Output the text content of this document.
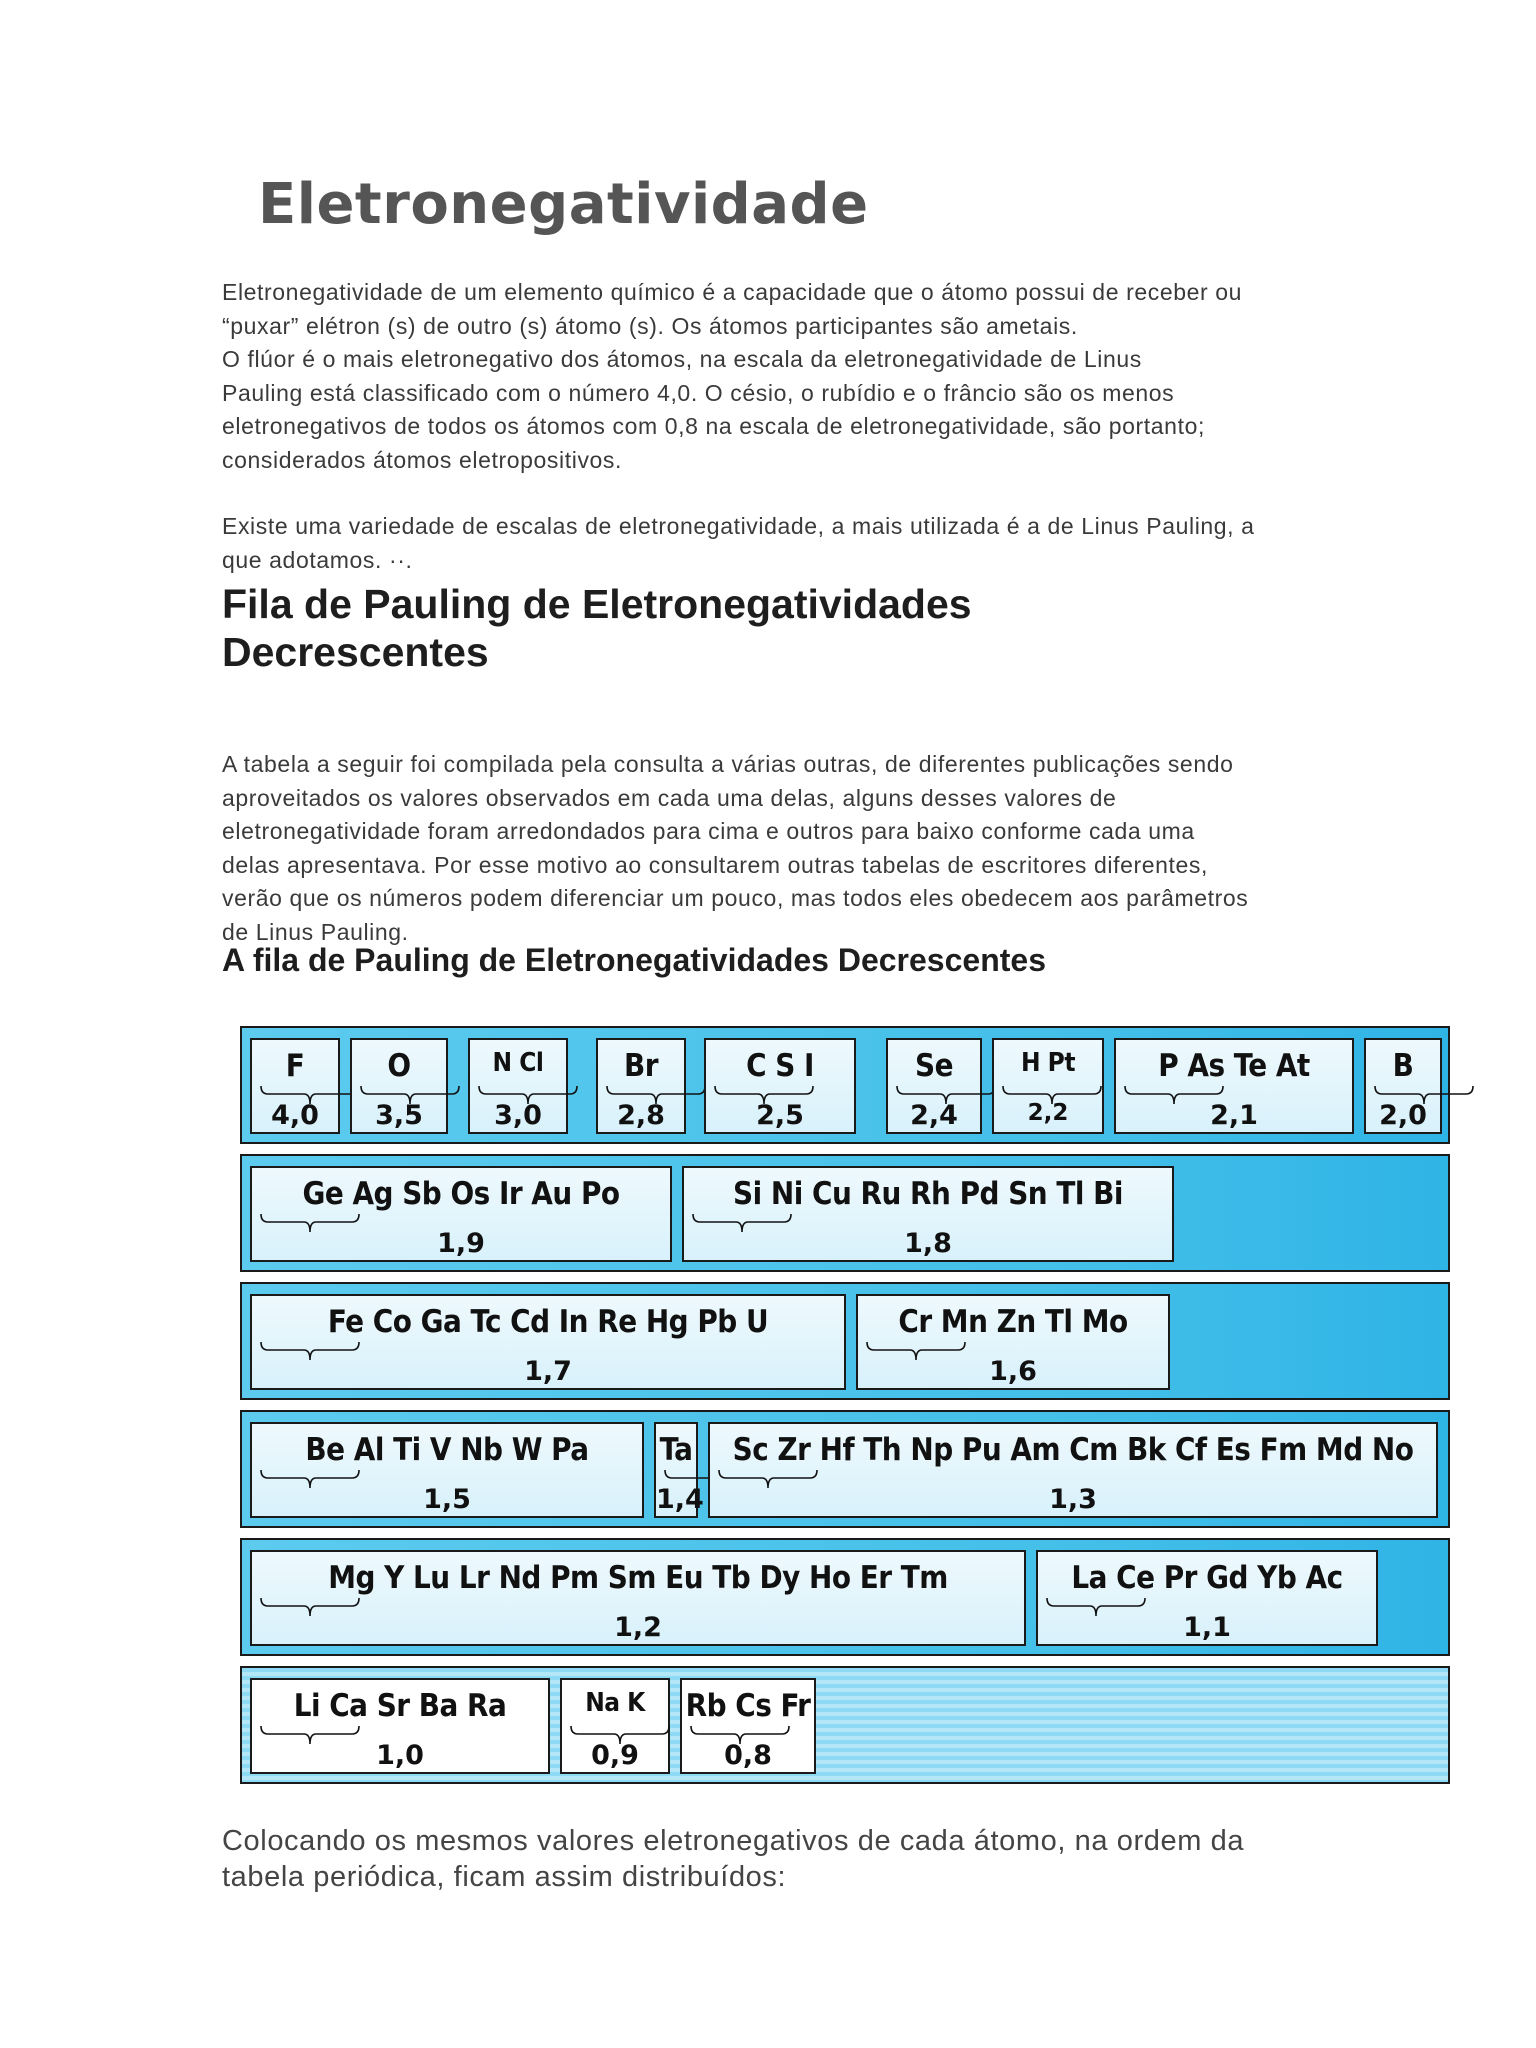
Eletronegatividade
Eletronegatividade de um elemento químico é a capacidade que o átomo possui de receber ou
“puxar” elétron (s) de outro (s) átomo (s). Os átomos participantes são ametais.
O flúor é o mais eletronegativo dos átomos, na escala da eletronegatividade de Linus
Pauling está classificado com o número 4,0. O césio, o rubídio e o frâncio são os menos
eletronegativos de todos os átomos com 0,8 na escala de eletronegatividade, são portanto;
considerados átomos eletropositivos.
Existe uma variedade de escalas de eletronegatividade, a mais utilizada é a de Linus Pauling, a
que adotamos. ··.
Fila de Pauling de Eletronegatividades
Decrescentes
A tabela a seguir foi compilada pela consulta a várias outras, de diferentes publicações sendo
aproveitados os valores observados em cada uma delas, alguns desses valores de
eletronegatividade foram arredondados para cima e outros para baixo conforme cada uma
delas apresentava. Por esse motivo ao consultarem outras tabelas de escritores diferentes,
verão que os números podem diferenciar um pouco, mas todos eles obedecem aos parâmetros
de Linus Pauling.
A fila de Pauling de Eletronegatividades Decrescentes
F
4,0
O
3,5
N Cl
3,0
Br
2,8
C S I
2,5
Se
2,4
H Pt
2,2
P As Te At
2,1
B
2,0
Ge Ag Sb Os Ir Au Po
1,9
Si Ni Cu Ru Rh Pd Sn Tl Bi
1,8
Fe Co Ga Tc Cd In Re Hg Pb U
1,7
Cr Mn Zn Tl Mo
1,6
Be Al Ti V Nb W Pa
1,5
Ta
1,4
Sc Zr Hf Th Np Pu Am Cm Bk Cf Es Fm Md No
1,3
Mg Y Lu Lr Nd Pm Sm Eu Tb Dy Ho Er Tm
1,2
La Ce Pr Gd Yb Ac
1,1
Li Ca Sr Ba Ra
1,0
Na K
0,9
Rb Cs Fr
0,8
Colocando os mesmos valores eletronegativos de cada átomo, na ordem da
tabela periódica, ficam assim distribuídos:
